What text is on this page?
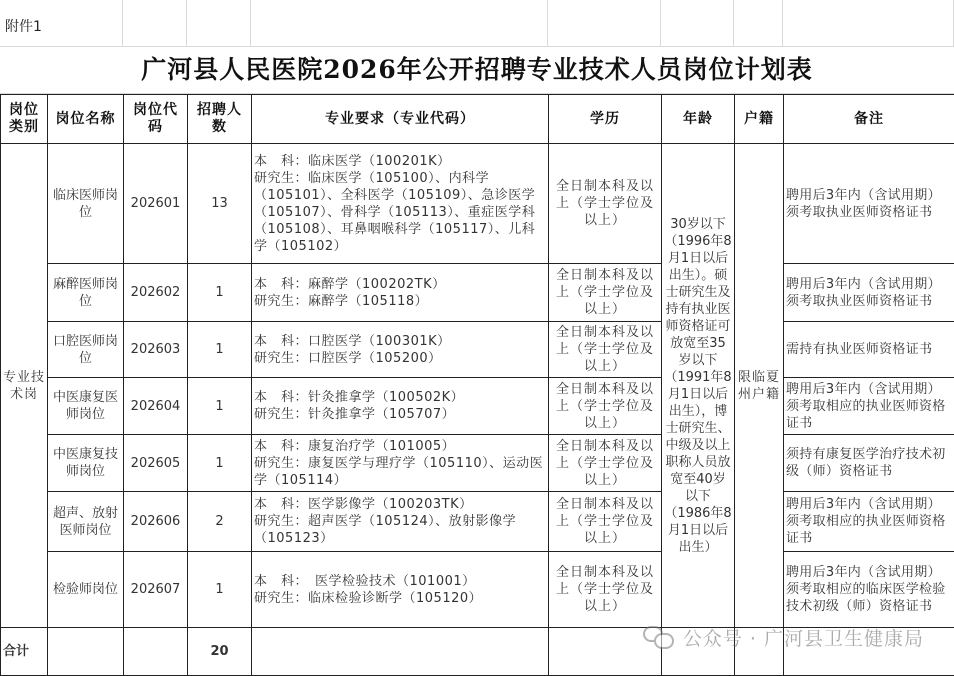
附件1
广河县人民医院2026年公开招聘专业技术人员岗位计划表
岗位类别	岗位名称	岗位代码	招聘人数	专业要求（专业代码）	学历	年龄	户籍	备注
专业技术岗	临床医师岗位	202601	13	本　科：临床医学（100201K）
研究生：临床医学（105100）、内科学（105101）、全科医学（105109）、急诊医学（105107）、骨科学（105113）、重症医学科（105108）、耳鼻咽喉科学（105117）、儿科学（105102）	全日制本科及以上（学士学位及以上）	30岁以下（1996年8月1日以后出生）。硕士研究生及持有执业医师资格证可放宽至35岁以下（1991年8月1日以后出生），博士研究生、中级及以上职称人员放宽至40岁以下（1986年8月1日以后出生）	限临夏州户籍	聘用后3年内（含试用期）须考取执业医师资格证书
	麻醉医师岗位	202602	1	本　科：麻醉学（100202TK）
研究生：麻醉学（105118）	全日制本科及以上（学士学位及以上）			聘用后3年内（含试用期）须考取执业医师资格证书
	口腔医师岗位	202603	1	本　科：口腔医学（100301K）
研究生：口腔医学（105200）	全日制本科及以上（学士学位及以上）			需持有执业医师资格证书
	中医康复医师岗位	202604	1	本　科：针灸推拿学（100502K）
研究生：针灸推拿学（105707）	全日制本科及以上（学士学位及以上）			聘用后3年内（含试用期）须考取相应的执业医师资格证书
	中医康复技师岗位	202605	1	本　科：康复治疗学（101005）
研究生：康复医学与理疗学（105110）、运动医学（105114）	全日制本科及以上（学士学位及以上）			须持有康复医学治疗技术初级（师）资格证书
	超声、放射医师岗位	202606	2	本　科：医学影像学（100203TK）
研究生：超声医学（105124）、放射影像学（105123）	全日制本科及以上（学士学位及以上）			聘用后3年内（含试用期）须考取相应的执业医师资格证书
	检验师岗位	202607	1	本　科：　医学检验技术（101001）
研究生：临床检验诊断学（105120）	全日制本科及以上（学士学位及以上）			聘用后3年内（含试用期）须考取相应的临床医学检验技术初级（师）资格证书
合计			20					
公众号 · 广河县卫生健康局
